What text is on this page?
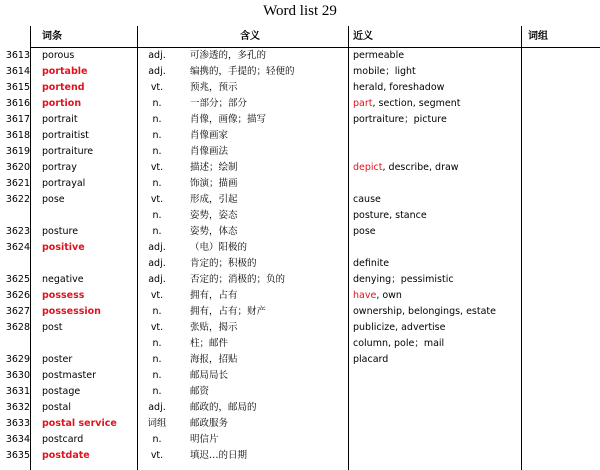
Word list 29
词条	含义	近义	词组
3613 porous	adj.	可渗透的，多孔的	permeable
3614 portable	adj.	编携的，手提的；轻便的	mobile；light
3615 portend	vt.	预兆，预示	herald, foreshadow
3616 portion	n.	一部分；部分	part, section, segment
3617 portrait	n.	肖像，画像；描写	portraiture；picture
3618 portraitist	n.	肖像画家
3619 portraiture	n.	肖像画法
3620 portray	vt.	描述；绘制	depict, describe, draw
3621 portrayal	n.	饰演；描画
3622 pose	vt.	形成，引起	cause
n.	姿势，姿态	posture, stance
3623 posture	n.	姿势，体态	pose
3624 positive	adj.	（电）阳极的
adj.	肯定的；积极的	definite
3625 negative	adj.	否定的；消极的；负的	denying；pessimistic
3626 possess	vt.	拥有，占有	have, own
3627 possession	n.	拥有，占有；财产	ownership, belongings, estate
3628 post	vt.	张贴，揭示	publicize, advertise
n.	柱；邮件	column, pole；mail
3629 poster	n.	海报，招贴	placard
3630 postmaster	n.	邮局局长
3631 postage	n.	邮资
3632 postal	adj.	邮政的，邮局的
3633 postal service	词组	邮政服务
3634 postcard	n.	明信片
3635 postdate	vt.	填迟…的日期
